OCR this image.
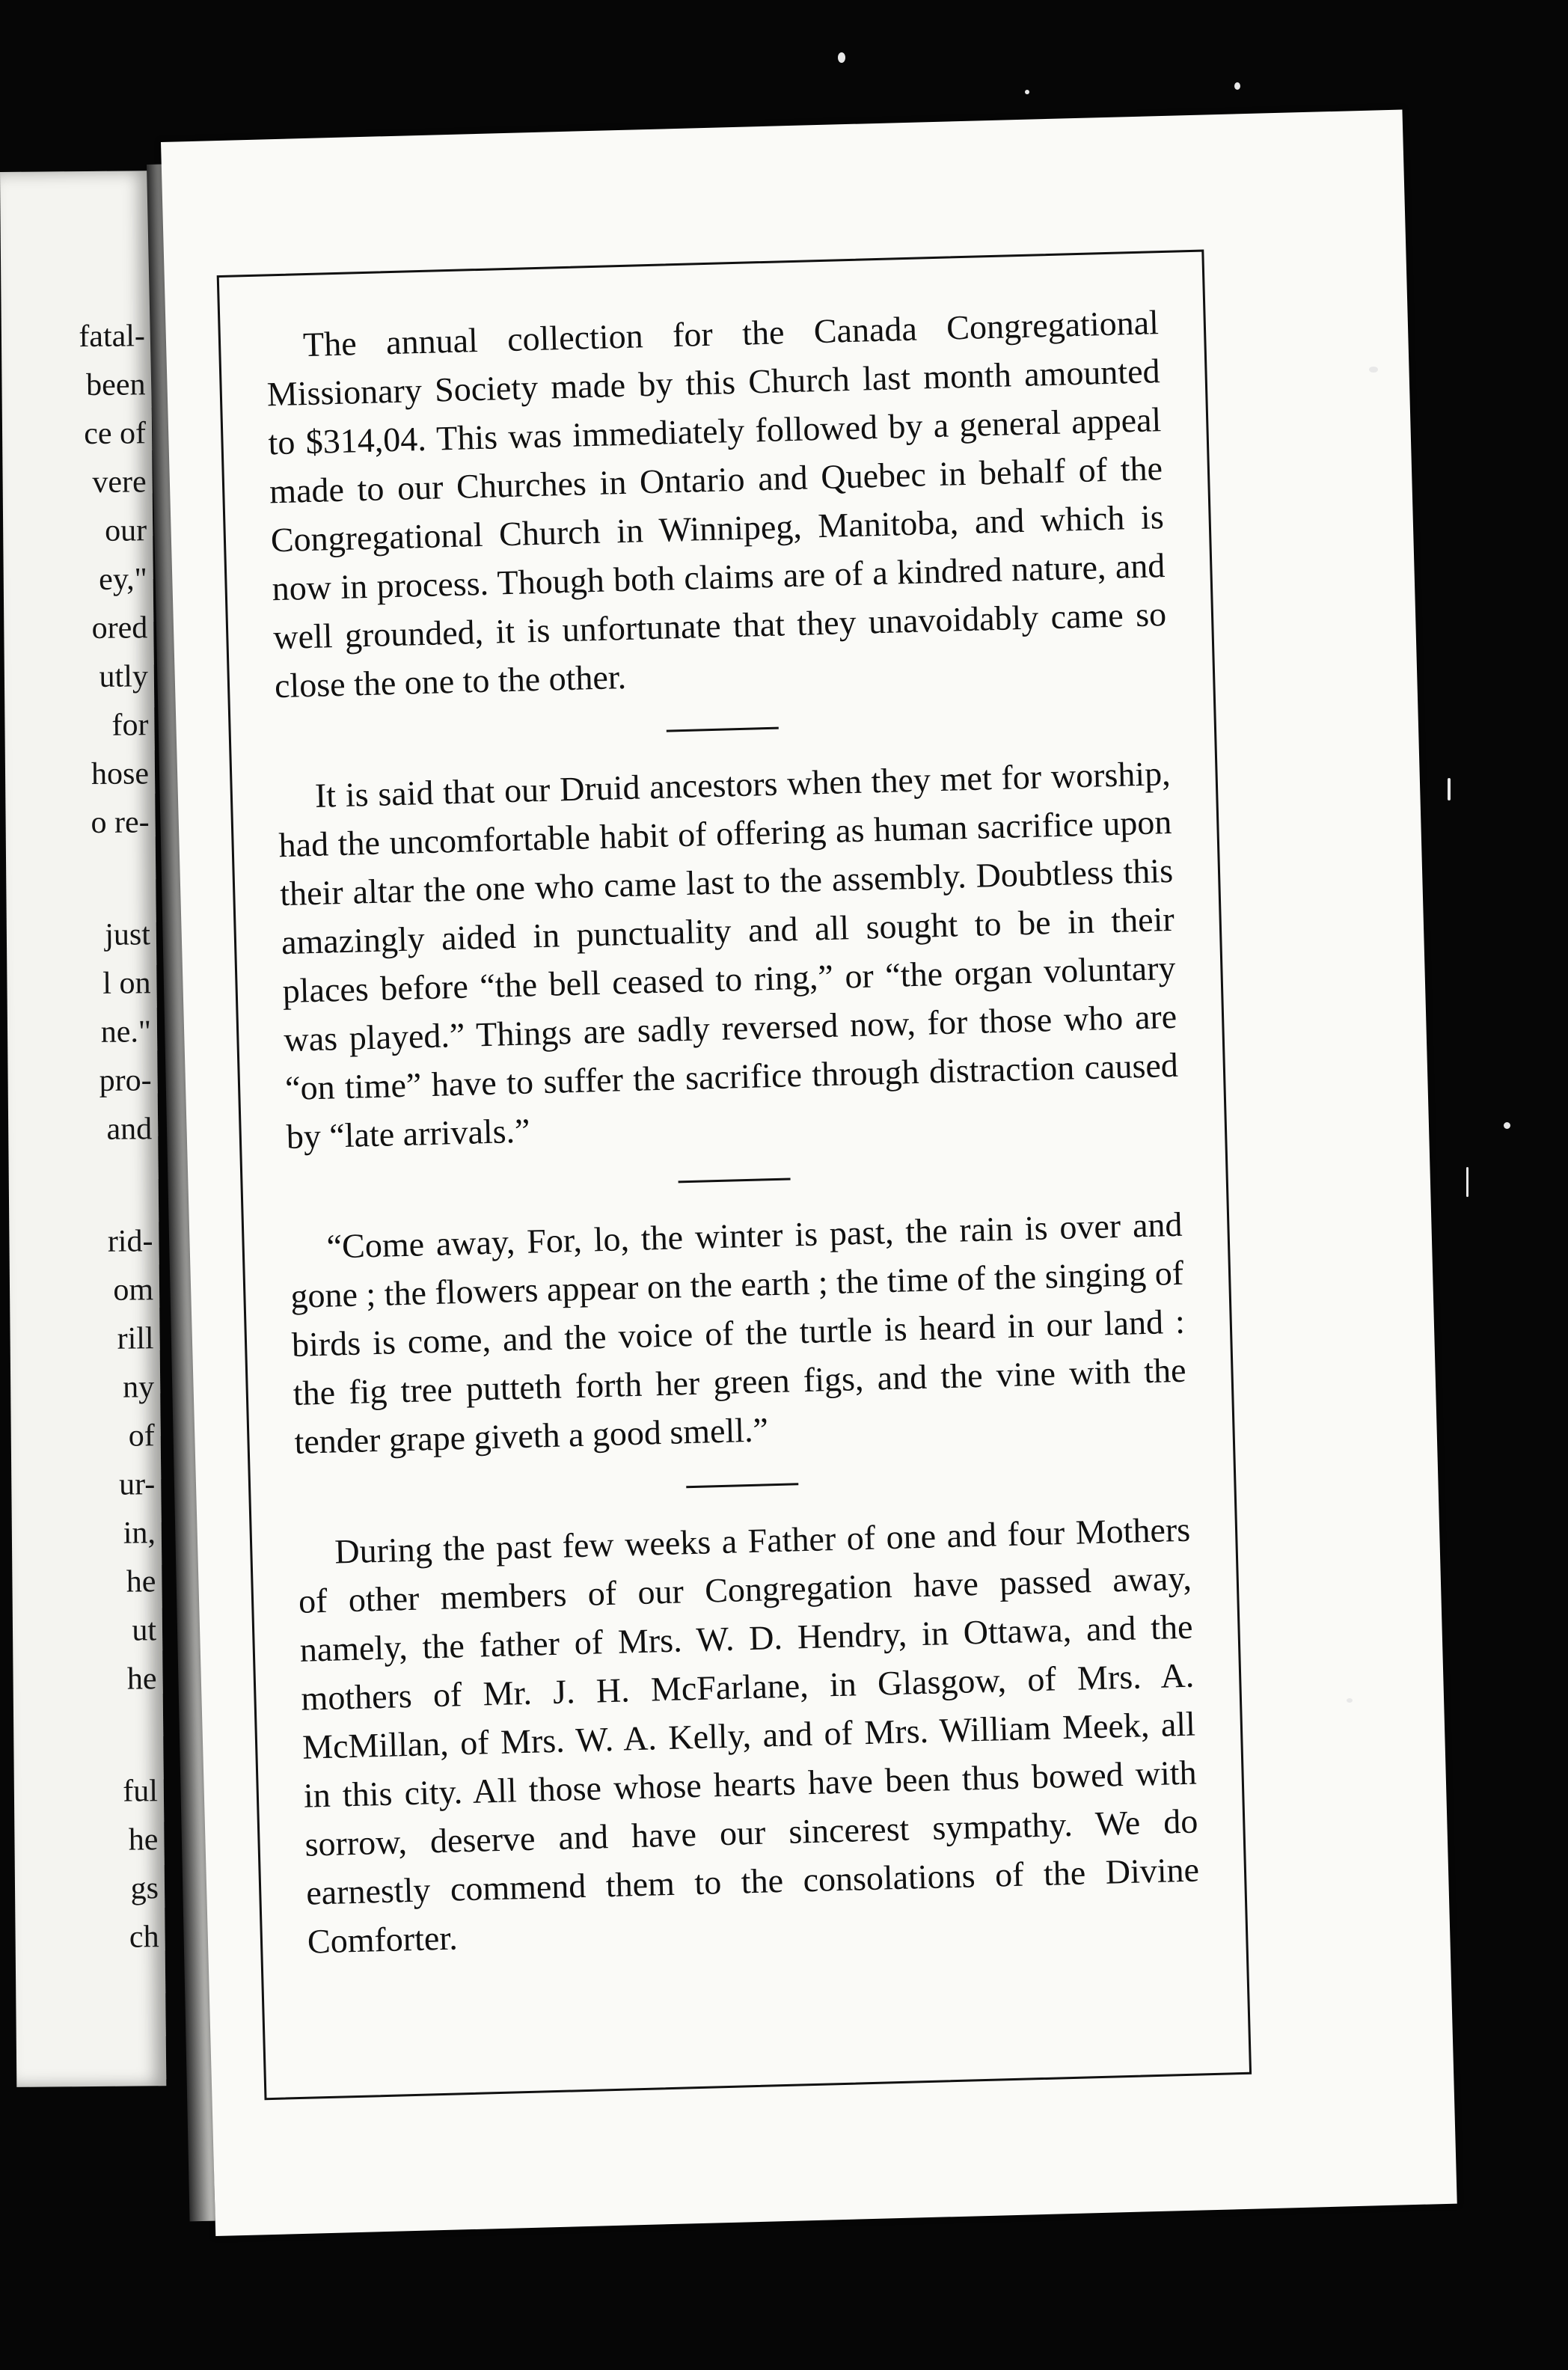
fatal-

been

ce of

vere

our

ey,"

ored

utly

for

hose

o re-

just

l on

ne."

pro-

and

rid-

om

rill

ny

of

ur-

in,

he

ut

he

ful

he

gs

ch

The annual collection for the Canada Congregational Missionary Society made by this Church last month amounted to $314,04. This was immediately followed by a general appeal made to our Churches in Ontario and Quebec in behalf of the Congregational Church in Winnipeg, Manitoba, and which is now in process. Though both claims are of a kindred nature, and well grounded, it is unfortunate that they unavoidably came so close the one to the other.

It is said that our Druid ancestors when they met for worship, had the uncomfortable habit of offering as human sacrifice upon their altar the one who came last to the assembly. Doubtless this amazingly aided in punctuality and all sought to be in their places before “the bell ceased to ring,” or “the organ voluntary was played.” Things are sadly reversed now, for those who are “on time” have to suffer the sacrifice through distraction caused by “late arrivals.”

“Come away, For, lo, the winter is past, the rain is over and gone ; the flowers appear on the earth ; the time of the singing of birds is come, and the voice of the turtle is heard in our land : the fig tree putteth forth her green figs, and the vine with the tender grape giveth a good smell.”

During the past few weeks a Father of one and four Mothers of other members of our Congregation have passed away, namely, the father of Mrs. W. D. Hendry, in Ottawa, and the mothers of Mr. J. H. McFarlane, in Glasgow, of Mrs. A. McMillan, of Mrs. W. A. Kelly, and of Mrs. William Meek, all in this city. All those whose hearts have been thus bowed with sorrow, deserve and have our sincerest sympathy. We do earnestly commend them to the consolations of the Divine Comforter.
